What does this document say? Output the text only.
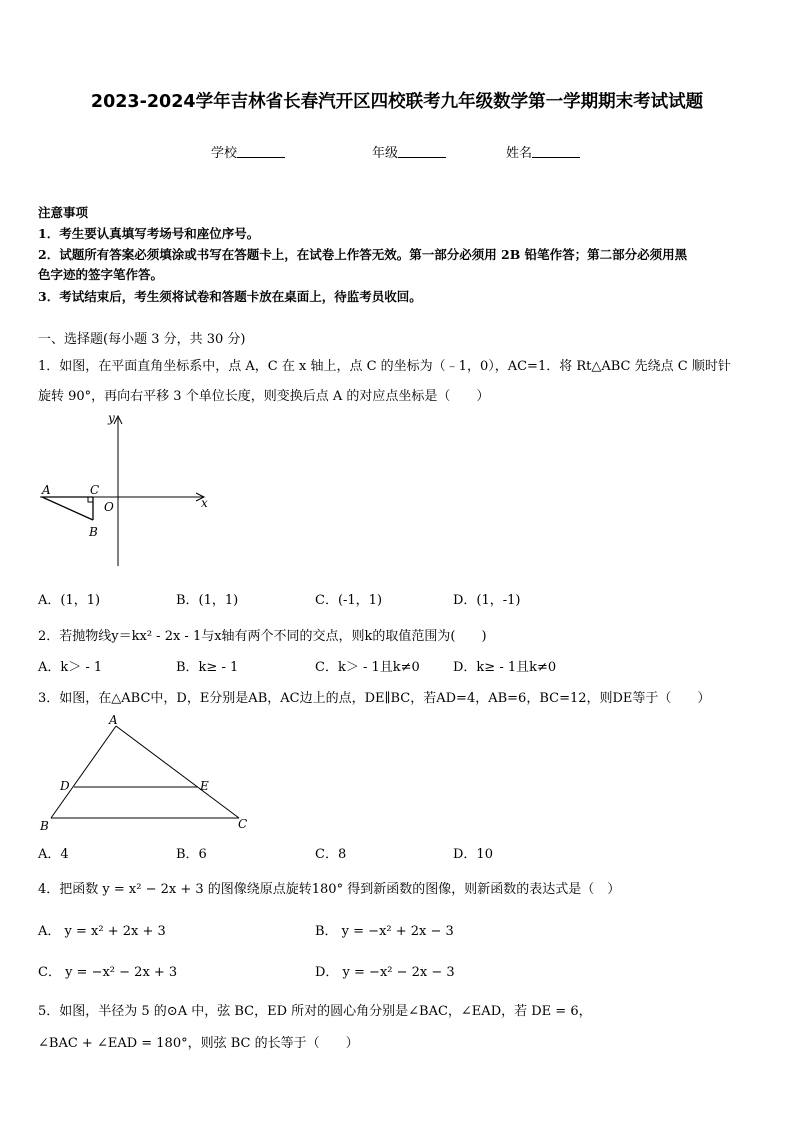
2023-2024学年吉林省长春汽开区四校联考九年级数学第一学期期末考试试题
学校	年级	姓名
注意事项
1．考生要认真填写考场号和座位序号。
2．试题所有答案必须填涂或书写在答题卡上，在试卷上作答无效。第一部分必须用 2B 铅笔作答；第二部分必须用黑
色字迹的签字笔作答。
3．考试结束后，考生须将试卷和答题卡放在桌面上，待监考员收回。
一、选择题(每小题 3 分，共 30 分)
1．如图，在平面直角坐标系中，点 A，C 在 x 轴上，点 C 的坐标为（﹣1，0），AC=1．将 Rt△ABC 先绕点 C 顺时针
旋转 90°，再向右平移 3 个单位长度，则变换后点 A 的对应点坐标是（　　）
y
x
A	C
O
B
A．(1，1)	B．(1，1)	C．(-1，1)	D．(1，-1)
2．若抛物线y＝kx² - 2x - 1与x轴有两个不同的交点，则k的取值范围为(　　)
A．k＞ - 1	B．k≥ - 1	C．k＞ - 1且k≠0	D．k≥ - 1且k≠0
3．如图，在△ABC中，D，E分别是AB，AC边上的点，DE∥BC，若AD=4，AB=6，BC=12，则DE等于（　　）
A
D	E
B	C
A．4	B．6	C．8	D．10
4．把函数 y = x² − 2x + 3 的图像绕原点旋转180° 得到新函数的图像，则新函数的表达式是（　）
A． y = x² + 2x + 3	B． y = −x² + 2x − 3
C． y = −x² − 2x + 3	D． y = −x² − 2x − 3
5．如图，半径为 5 的⊙A 中，弦 BC，ED 所对的圆心角分别是∠BAC，∠EAD，若 DE = 6，
∠BAC + ∠EAD = 180°，则弦 BC 的长等于（　　）
